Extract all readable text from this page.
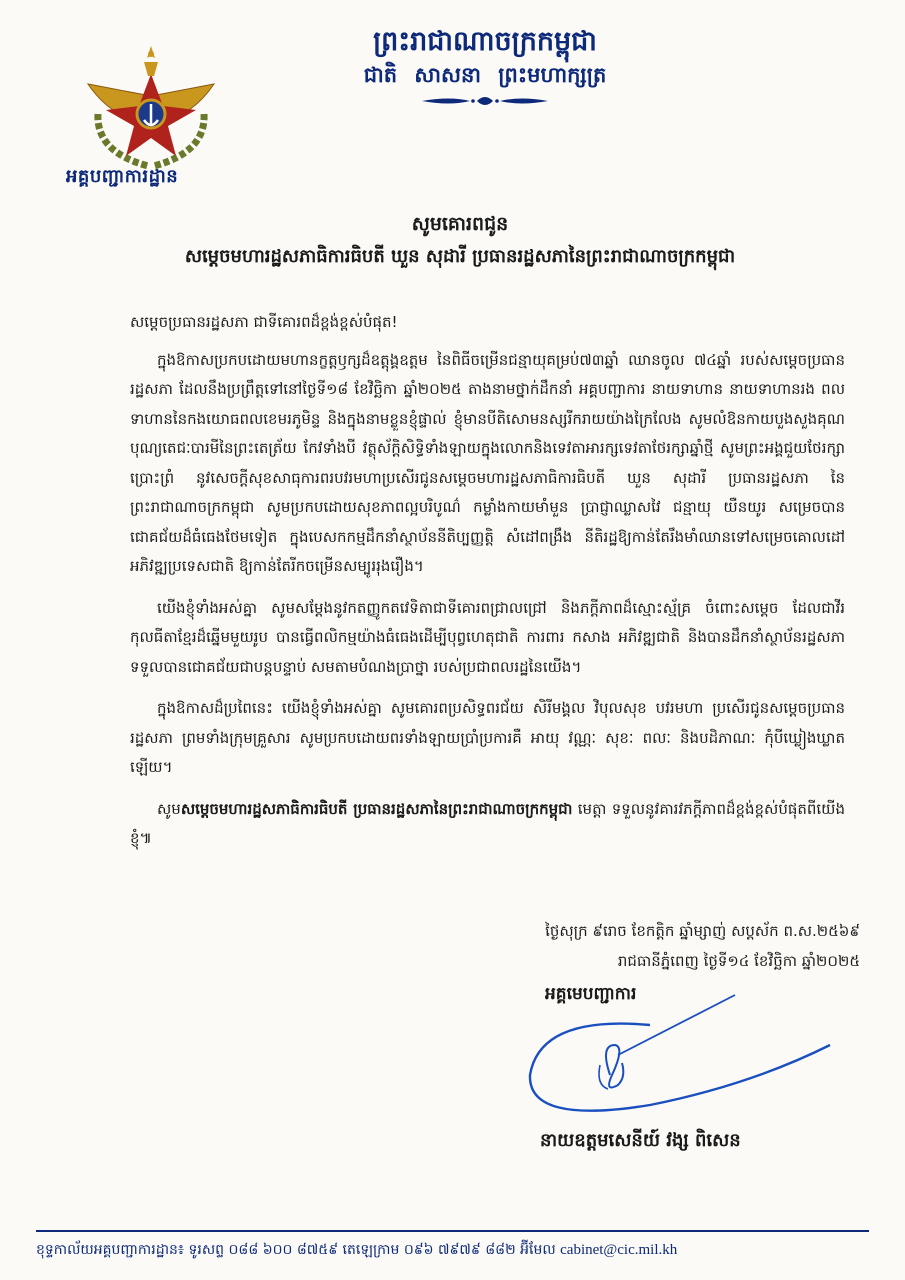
អគ្គបញ្ជាការដ្ឋាន
ព្រះរាជាណាចក្រកម្ពុជា
ជាតិ សាសនា ព្រះមហាក្សត្រ
សូមគោរពជូន
សម្តេចមហារដ្ឋសភាធិការធិបតី ឃួន សុដារី ប្រធានរដ្ឋសភានៃព្រះរាជាណាចក្រកម្ពុជា

សម្តេចប្រធានរដ្ឋសភា ជាទីគោរពដ៏ខ្ពង់ខ្ពស់បំផុត!

ក្នុងឱកាសប្រកបដោយមហានក្ខត្តឫក្សដ៏ឧត្តុង្គឧត្តម នៃពិធីចម្រើនជន្មាយុគម្រប់៧៣ឆ្នាំ ឈានចូល ៧៤ឆ្នាំ របស់សម្តេចប្រធានរដ្ឋសភា ដែលនឹងប្រព្រឹត្តទៅនៅថ្ងៃទី១៨ ខែវិច្ឆិកា ឆ្នាំ២០២៥ តាងនាមថ្នាក់ដឹកនាំ អគ្គបញ្ជាការ នាយទាហាន នាយទាហានរង ពលទាហាននៃកងយោធពលខេមរភូមិន្ទ និងក្នុងនាមខ្លួនខ្ញុំផ្ទាល់ ខ្ញុំមានបីតិសោមនស្សរីករាយយ៉ាងក្រៃលែង សូមលំឱនកាយបួងសួងគុណបុណ្យតេជៈបារមីនៃព្រះតេត្រ័យ កែវទាំងបី វត្ថុស័ក្តិសិទ្ធិទាំងឡាយក្នុងលោកនិងទេវតាអារក្សទេវតាថែរក្សាឆ្នាំថ្មី សូមព្រះអង្គជួយថែរក្សាប្រោះព្រំ នូវសេចក្តីសុខសាធុការពរបវរមហាប្រសើរជូនសម្តេចមហារដ្ឋសភាធិការធិបតី ឃួន សុដារី ប្រធានរដ្ឋសភា នៃព្រះរាជាណាចក្រកម្ពុជា សូមប្រកបដោយសុខភាពល្អបរិបូណ៌ កម្លាំងកាយមាំមួន ប្រាជ្ញាឈ្លាសវៃ ជន្មាយុ យឺនយូរ សម្រេចបានជោគជ័យដ៏ធំធេងថែមទៀត ក្នុងបេសកកម្មដឹកនាំស្ថាប័ននីតិប្បញ្ញត្តិ សំដៅពង្រឹង នីតិរដ្ឋឱ្យកាន់តែរឹងមាំឈានទៅសម្រេចគោលដៅអភិវឌ្ឍប្រទេសជាតិ ឱ្យកាន់តែរីកចម្រើនសម្បូររុងរឿង។

យើងខ្ញុំទាំងអស់គ្នា សូមសម្តែងនូវកតញ្ញូកតវេទិតាជាទីគោរពជ្រាលជ្រៅ និងភក្តីភាពដ៏ស្មោះស្ម័គ្រ ចំពោះសម្តេច ដែលជាវីរកុលធីតាខ្មែរដ៏ឆ្នើមមួយរូប បានធ្វើពលិកម្មយ៉ាងធំធេងដើម្បីបុព្វហេតុជាតិ ការពារ កសាង អភិវឌ្ឍជាតិ និងបានដឹកនាំស្ថាប័នរដ្ឋសភា ទទួលបានជោគជ័យជាបន្តបន្ទាប់ សមតាមបំណងប្រាថ្នា របស់ប្រជាពលរដ្ឋនៃយើង។

ក្នុងឱកាសដ៏ប្រពៃនេះ យើងខ្ញុំទាំងអស់គ្នា សូមគោរពប្រសិទ្ធពរជ័យ សិរីមង្គល វិបុលសុខ បវរមហា ប្រសើរជូនសម្តេចប្រធានរដ្ឋសភា ព្រមទាំងក្រុមគ្រួសារ សូមប្រកបដោយពរទាំងឡាយប្រាំប្រការគឺ អាយុ វណ្ណៈ សុខៈ ពលៈ និងបដិភាណៈ កុំបីឃ្លៀងឃ្លាតឡើយ។

សូមសម្តេចមហារដ្ឋសភាធិការធិបតី ប្រធានរដ្ឋសភានៃព្រះរាជាណាចក្រកម្ពុជា មេត្តា ទទួលនូវគារវភក្តីភាពដ៏ខ្ពង់ខ្ពស់បំផុតពីយើងខ្ញុំ៕

ថ្ងៃសុក្រ ៩រោច ខែកត្តិក ឆ្នាំម្សាញ់ សប្តស័ក ព.ស.២៥៦៩
រាជធានីភ្នំពេញ ថ្ងៃទី១៤ ខែវិច្ឆិកា ឆ្នាំ២០២៥
អគ្គមេបញ្ជាការ
នាយឧត្តមសេនីយ៍ វង្ស ពិសេន
ខុទ្ទកាល័យអគ្គបញ្ជាការដ្ឋាន៖ ទូរសព្ទ ០៨៨ ៦០០ ៨៧៥៩ តេឡេក្រាម ០៩៦ ៧៩៧៩ ៨៨២ អ៊ីមែល cabinet@cic.mil.kh
